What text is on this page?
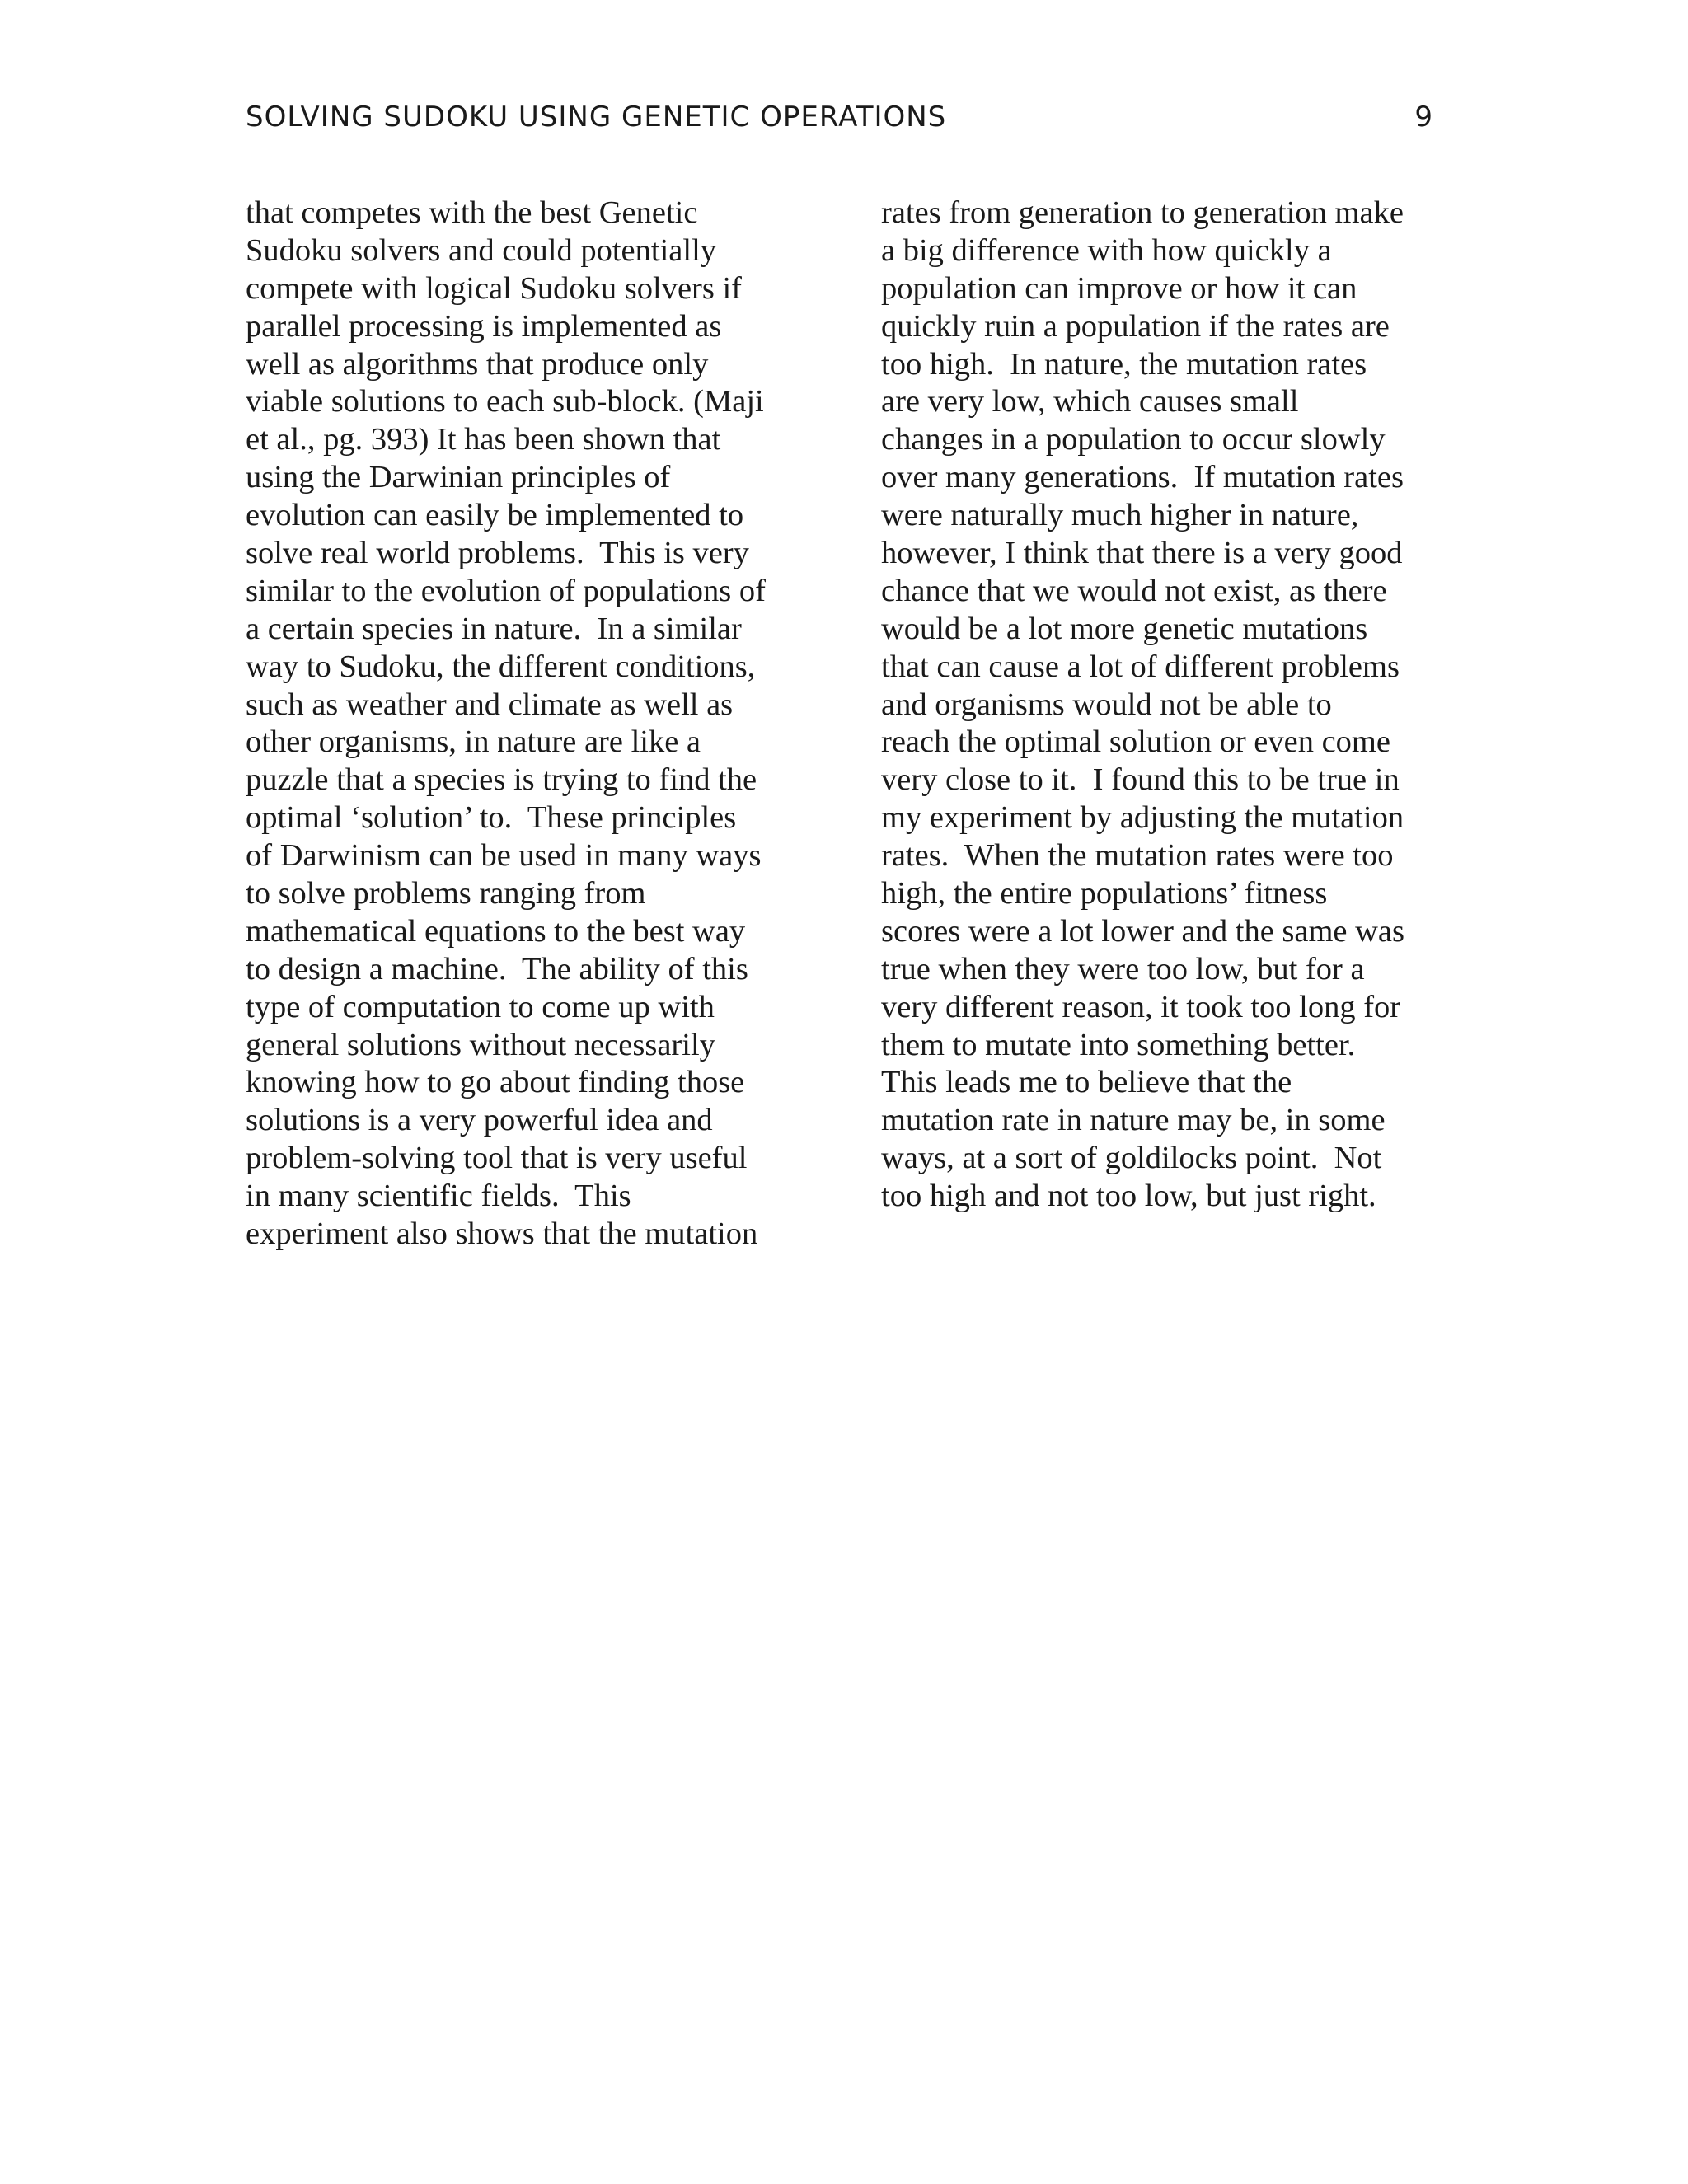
SOLVING SUDOKU USING GENETIC OPERATIONS	9
that competes with the best Genetic
Sudoku solvers and could potentially
compete with logical Sudoku solvers if
parallel processing is implemented as
well as algorithms that produce only
viable solutions to each sub-block. (Maji
et al., pg. 393) It has been shown that
using the Darwinian principles of
evolution can easily be implemented to
solve real world problems.  This is very
similar to the evolution of populations of
a certain species in nature.  In a similar
way to Sudoku, the different conditions,
such as weather and climate as well as
other organisms, in nature are like a
puzzle that a species is trying to find the
optimal ‘solution’ to.  These principles
of Darwinism can be used in many ways
to solve problems ranging from
mathematical equations to the best way
to design a machine.  The ability of this
type of computation to come up with
general solutions without necessarily
knowing how to go about finding those
solutions is a very powerful idea and
problem-solving tool that is very useful
in many scientific fields.  This
experiment also shows that the mutation
rates from generation to generation make
a big difference with how quickly a
population can improve or how it can
quickly ruin a population if the rates are
too high.  In nature, the mutation rates
are very low, which causes small
changes in a population to occur slowly
over many generations.  If mutation rates
were naturally much higher in nature,
however, I think that there is a very good
chance that we would not exist, as there
would be a lot more genetic mutations
that can cause a lot of different problems
and organisms would not be able to
reach the optimal solution or even come
very close to it.  I found this to be true in
my experiment by adjusting the mutation
rates.  When the mutation rates were too
high, the entire populations’ fitness
scores were a lot lower and the same was
true when they were too low, but for a
very different reason, it took too long for
them to mutate into something better.
This leads me to believe that the
mutation rate in nature may be, in some
ways, at a sort of goldilocks point.  Not
too high and not too low, but just right.
